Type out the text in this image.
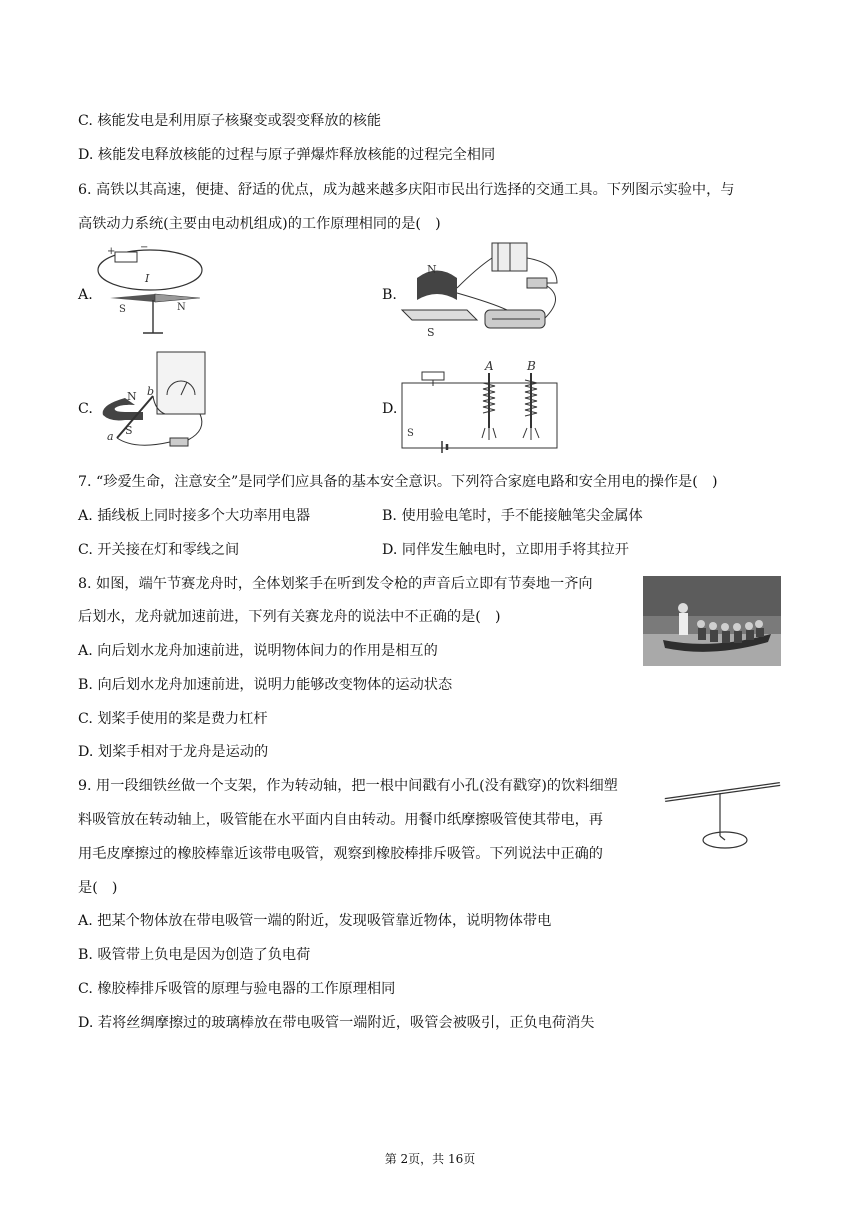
C. 核能发电是利用原子核聚变或裂变释放的核能
D. 核能发电释放核能的过程与原子弹爆炸释放核能的过程完全相同
6. 高铁以其高速，便捷、舒适的优点，成为越来越多庆阳市民出行选择的交通工具。下列图示实验中，与
高铁动力系统(主要由电动机组成)的工作原理相同的是(　)
A.
+ −
I
S	N
B.
N
S
C.
N
S
a
b
D.
A	B
S
7. “珍爱生命，注意安全”是同学们应具备的基本安全意识。下列符合家庭电路和安全用电的操作是(　)
A. 插线板上同时接多个大功率用电器	B. 使用验电笔时，手不能接触笔尖金属体
C. 开关接在灯和零线之间	D. 同伴发生触电时，立即用手将其拉开
8. 如图，端午节赛龙舟时，全体划桨手在听到发令枪的声音后立即有节奏地一齐向
后划水，龙舟就加速前进，下列有关赛龙舟的说法中不正确的是(　)
A. 向后划水龙舟加速前进，说明物体间力的作用是相互的
B. 向后划水龙舟加速前进，说明力能够改变物体的运动状态
C. 划桨手使用的桨是费力杠杆
D. 划桨手相对于龙舟是运动的
9. 用一段细铁丝做一个支架，作为转动轴，把一根中间戳有小孔(没有戳穿)的饮料细塑
料吸管放在转动轴上，吸管能在水平面内自由转动。用餐巾纸摩擦吸管使其带电，再
用毛皮摩擦过的橡胶棒靠近该带电吸管，观察到橡胶棒排斥吸管。下列说法中正确的
是(　)
A. 把某个物体放在带电吸管一端的附近，发现吸管靠近物体，说明物体带电
B. 吸管带上负电是因为创造了负电荷
C. 橡胶棒排斥吸管的原理与验电器的工作原理相同
D. 若将丝绸摩擦过的玻璃棒放在带电吸管一端附近，吸管会被吸引，正负电荷消失
第 2页，共 16页
